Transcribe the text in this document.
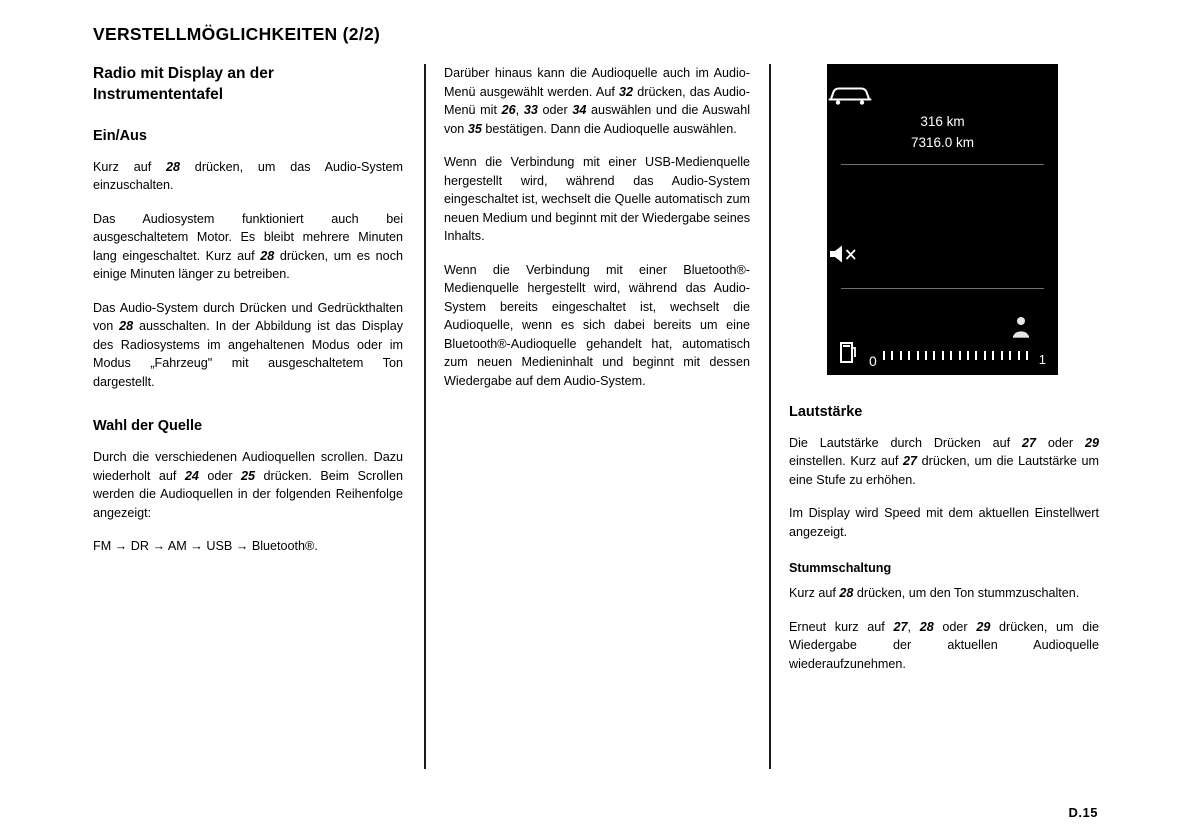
VERSTELLMÖGLICHKEITEN (2/2)
Radio mit Display an der Instrumententafel
Ein/Aus

Kurz auf 28 drücken, um das Audio-System einzuschalten.

Das Audiosystem funktioniert auch bei ausgeschaltetem Motor. Es bleibt mehrere Minuten lang eingeschaltet. Kurz auf 28 drücken, um es noch einige Minuten länger zu betreiben.

Das Audio-System durch Drücken und Gedrückthalten von 28 ausschalten. In der Abbildung ist das Display des Radiosystems im angehaltenen Modus oder im Modus „Fahrzeug" mit ausgeschaltetem Ton dargestellt.

Wahl der Quelle

Durch die verschiedenen Audioquellen scrollen. Dazu wiederholt auf 24 oder 25 drücken. Beim Scrollen werden die Audioquellen in der folgenden Reihenfolge angezeigt:

FM → DR → AM → USB → Bluetooth®.

Darüber hinaus kann die Audioquelle auch im Audio-Menü ausgewählt werden. Auf 32 drücken, das Audio-Menü mit 26, 33 oder 34 auswählen und die Auswahl von 35 bestätigen. Dann die Audioquelle auswählen.

Wenn die Verbindung mit einer USB-Medienquelle hergestellt wird, während das Audio-System eingeschaltet ist, wechselt die Quelle automatisch zum neuen Medium und beginnt mit der Wiedergabe seines Inhalts.

Wenn die Verbindung mit einer Bluetooth®-Medienquelle hergestellt wird, während das Audio-System bereits eingeschaltet ist, wechselt die Audioquelle, wenn es sich dabei bereits um eine Bluetooth®-Audioquelle gehandelt hat, automatisch zum neuen Medieninhalt und beginnt mit dessen Wiedergabe auf dem Audio-System.

316 km
7316.0 km
0	1
Lautstärke

Die Lautstärke durch Drücken auf 27 oder 29 einstellen. Kurz auf 27 drücken, um die Lautstärke um eine Stufe zu erhöhen.

Im Display wird Speed mit dem aktuellen Einstellwert angezeigt.

Stummschaltung

Kurz auf 28 drücken, um den Ton stummzuschalten.

Erneut kurz auf 27, 28 oder 29 drücken, um die Wiedergabe der aktuellen Audioquelle wiederaufzunehmen.

D.15
